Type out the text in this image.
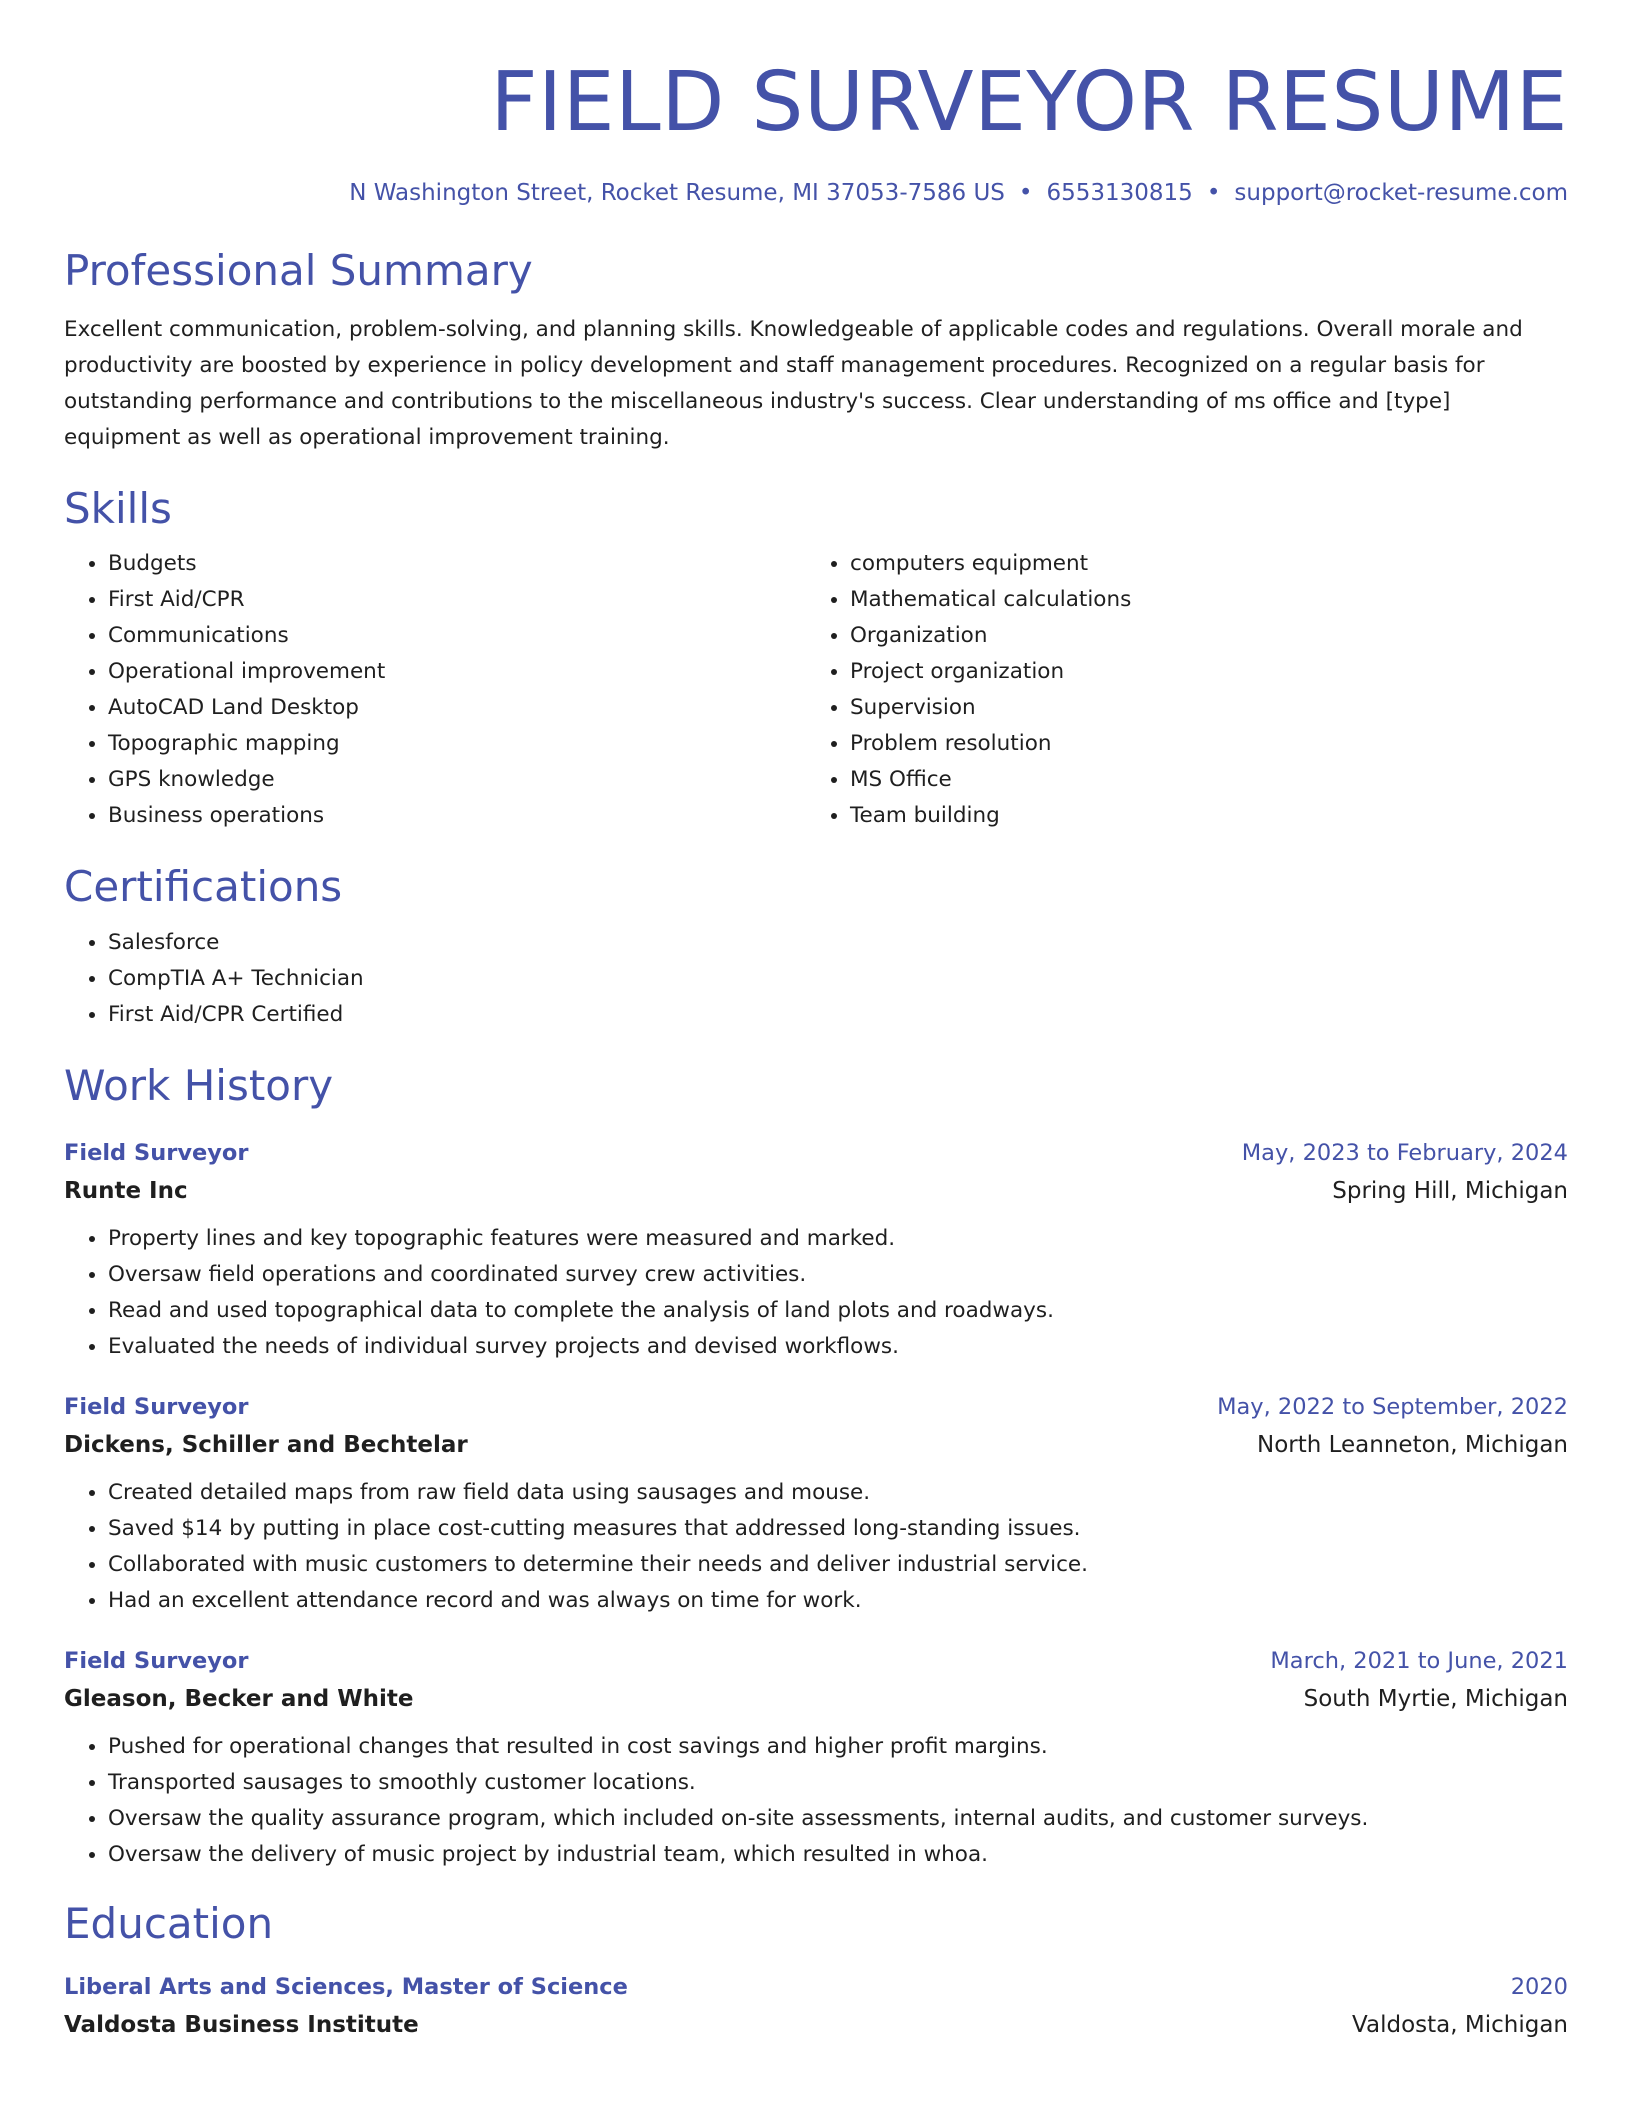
FIELD SURVEYOR RESUME
N Washington Street, Rocket Resume, MI 37053-7586 US • 6553130815 • support@rocket-resume.com
Professional Summary
Excellent communication, problem-solving, and planning skills. Knowledgeable of applicable codes and regulations. Overall morale and productivity are boosted by experience in policy development and staff management procedures. Recognized on a regular basis for outstanding performance and contributions to the miscellaneous industry's success. Clear understanding of ms office and [type] equipment as well as operational improvement training.
Skills
• Budgets
• First Aid/CPR
• Communications
• Operational improvement
• AutoCAD Land Desktop
• Topographic mapping
• GPS knowledge
• Business operations
• computers equipment
• Mathematical calculations
• Organization
• Project organization
• Supervision
• Problem resolution
• MS Office
• Team building
Certifications
• Salesforce
• CompTIA A+ Technician
• First Aid/CPR Certified
Work History
Field Surveyor	May, 2023 to February, 2024
Runte Inc	Spring Hill, Michigan
• Property lines and key topographic features were measured and marked.
• Oversaw field operations and coordinated survey crew activities.
• Read and used topographical data to complete the analysis of land plots and roadways.
• Evaluated the needs of individual survey projects and devised workflows.
Field Surveyor	May, 2022 to September, 2022
Dickens, Schiller and Bechtelar	North Leanneton, Michigan
• Created detailed maps from raw field data using sausages and mouse.
• Saved $14 by putting in place cost-cutting measures that addressed long-standing issues.
• Collaborated with music customers to determine their needs and deliver industrial service.
• Had an excellent attendance record and was always on time for work.
Field Surveyor	March, 2021 to June, 2021
Gleason, Becker and White	South Myrtie, Michigan
• Pushed for operational changes that resulted in cost savings and higher profit margins.
• Transported sausages to smoothly customer locations.
• Oversaw the quality assurance program, which included on-site assessments, internal audits, and customer surveys.
• Oversaw the delivery of music project by industrial team, which resulted in whoa.
Education
Liberal Arts and Sciences, Master of Science	2020
Valdosta Business Institute	Valdosta, Michigan
